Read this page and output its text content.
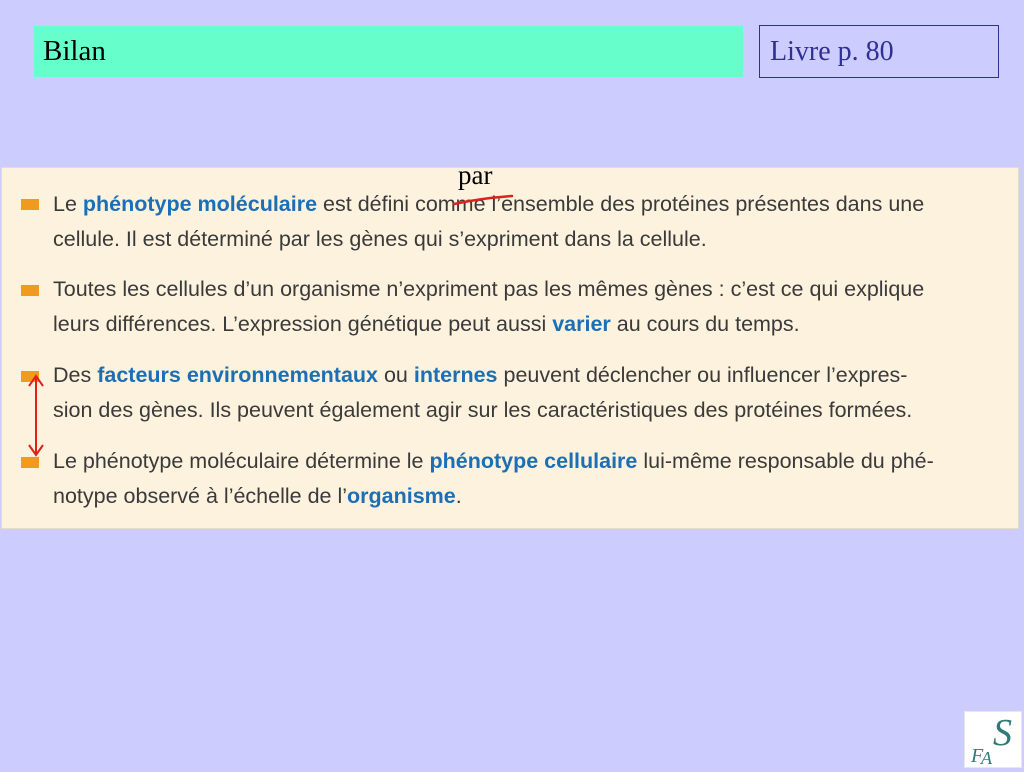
Bilan	Livre p. 80
Le phénotype moléculaire est défini comme l’ensemble des protéines présentes dans une
cellule. Il est déterminé par les gènes qui s’expriment dans la cellule.
Toutes les cellules d’un organisme n’expriment pas les mêmes gènes : c’est ce qui explique
leurs différences. L’expression génétique peut aussi varier au cours du temps.
Des facteurs environnementaux ou internes peuvent déclencher ou influencer l’expres-
sion des gènes. Ils peuvent également agir sur les caractéristiques des protéines formées.
Le phénotype moléculaire détermine le phénotype cellulaire lui-même responsable du phé-
notype observé à l’échelle de l’organisme.
par
S
F
A
